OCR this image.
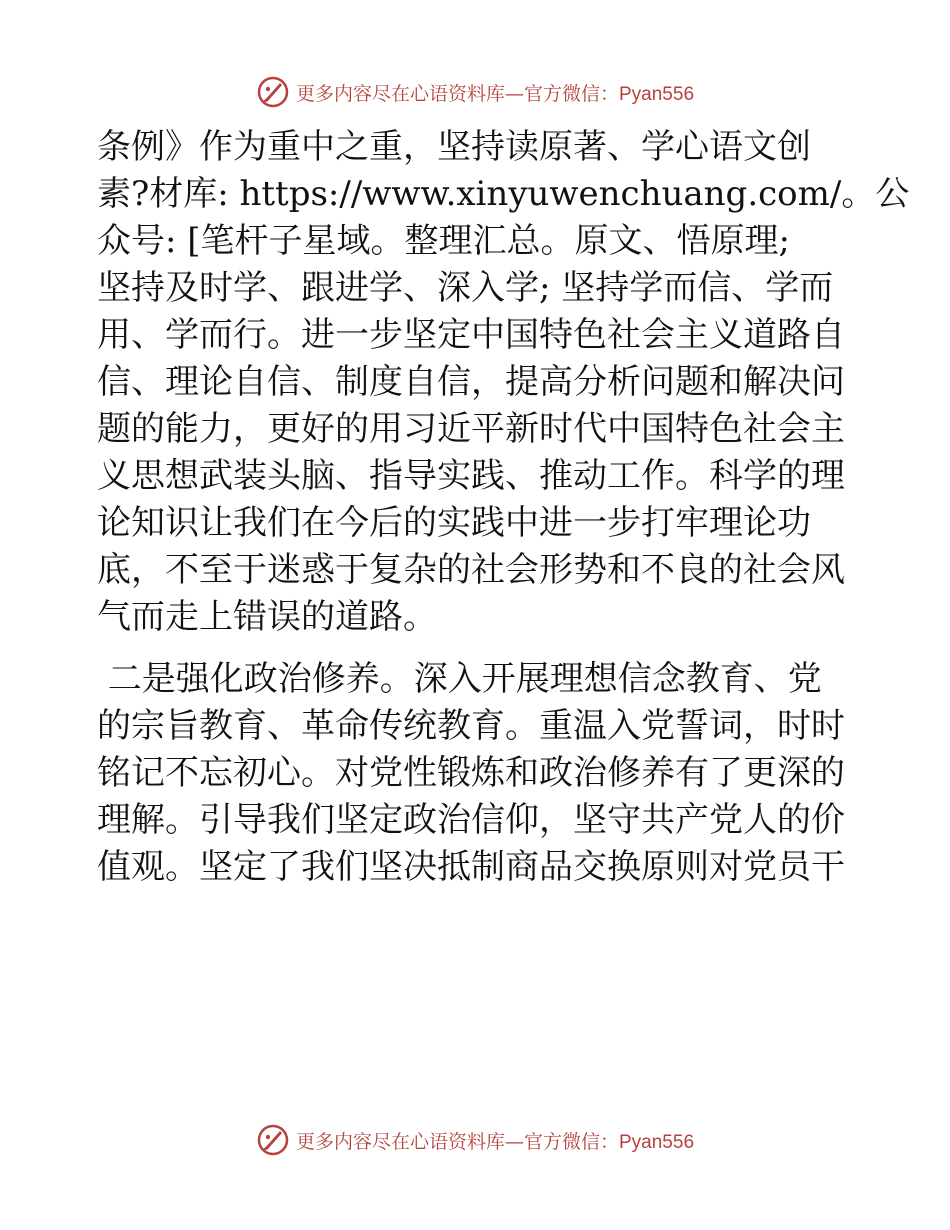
更多内容尽在心语资料库—官方微信：Pyan556
条例》作为重中之重，坚持读原著、学心语文创
素?材库: https://www.xinyuwenchuang.com/。公
众号: [笔杆子星域。整理汇总。原文、悟原理;
坚持及时学、跟进学、深入学; 坚持学而信、学而
用、学而行。进一步坚定中国特色社会主义道路自
信、理论自信、制度自信，提高分析问题和解决问
题的能力，更好的用习近平新时代中国特色社会主
义思想武装头脑、指导实践、推动工作。科学的理
论知识让我们在今后的实践中进一步打牢理论功
底，不至于迷惑于复杂的社会形势和不良的社会风
气而走上错误的道路。
二是强化政治修养。深入开展理想信念教育、党
的宗旨教育、革命传统教育。重温入党誓词，时时
铭记不忘初心。对党性锻炼和政治修养有了更深的
理解。引导我们坚定政治信仰，坚守共产党人的价
值观。坚定了我们坚决抵制商品交换原则对党员干
更多内容尽在心语资料库—官方微信：Pyan556
